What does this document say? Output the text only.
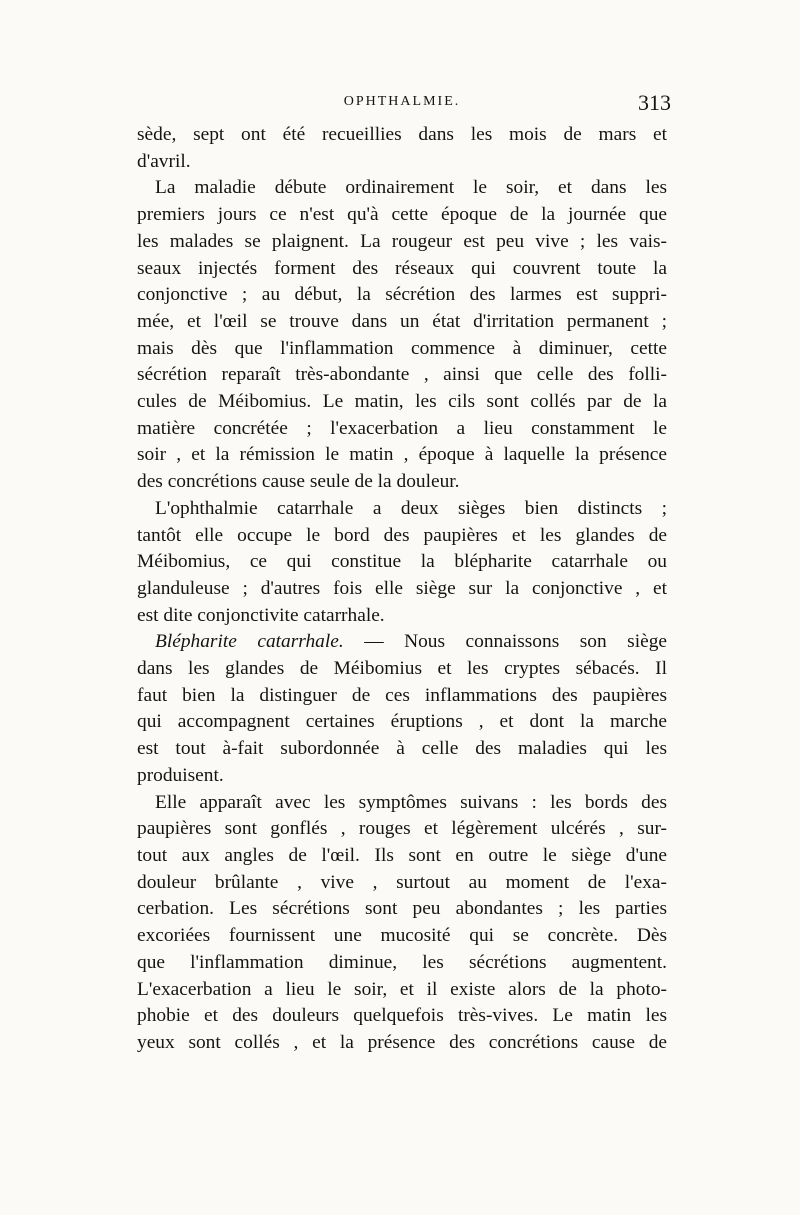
OPHTHALMIE.	313

sède, sept ont été recueillies dans les mois de mars et
d'avril.

La maladie débute ordinairement le soir, et dans les
premiers jours ce n'est qu'à cette époque de la journée que
les malades se plaignent. La rougeur est peu vive ; les vais-
seaux injectés forment des réseaux qui couvrent toute la
conjonctive ; au début, la sécrétion des larmes est suppri-
mée, et l'œil se trouve dans un état d'irritation permanent ;
mais dès que l'inflammation commence à diminuer, cette
sécrétion reparaît très-abondante , ainsi que celle des folli-
cules de Méibomius. Le matin, les cils sont collés par de la
matière concrétée ; l'exacerbation a lieu constamment le
soir , et la rémission le matin , époque à laquelle la présence
des concrétions cause seule de la douleur.

L'ophthalmie catarrhale a deux sièges bien distincts ;
tantôt elle occupe le bord des paupières et les glandes de
Méibomius, ce qui constitue la blépharite catarrhale ou
glanduleuse ; d'autres fois elle siège sur la conjonctive , et
est dite conjonctivite catarrhale.

Blépharite catarrhale. — Nous connaissons son siège
dans les glandes de Méibomius et les cryptes sébacés. Il
faut bien la distinguer de ces inflammations des paupières
qui accompagnent certaines éruptions , et dont la marche
est tout à-fait subordonnée à celle des maladies qui les
produisent.

Elle apparaît avec les symptômes suivans : les bords des
paupières sont gonflés , rouges et légèrement ulcérés , sur-
tout aux angles de l'œil. Ils sont en outre le siège d'une
douleur brûlante , vive , surtout au moment de l'exa-
cerbation. Les sécrétions sont peu abondantes ; les parties
excoriées fournissent une mucosité qui se concrète. Dès
que l'inflammation diminue, les sécrétions augmentent.
L'exacerbation a lieu le soir, et il existe alors de la photo-
phobie et des douleurs quelquefois très-vives. Le matin les
yeux sont collés , et la présence des concrétions cause de
